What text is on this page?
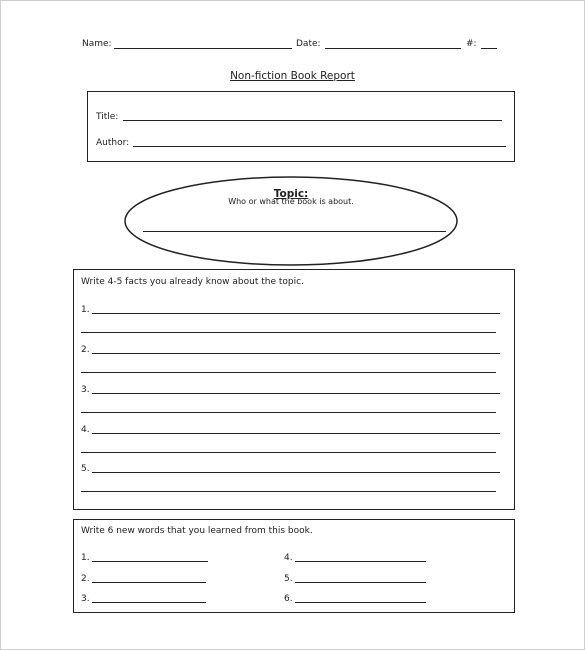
Name:	Date:	#:
Non-fiction Book Report
Title:
Author:
Topic:
Who or what the book is about.
Write 4-5 facts you already know about the topic.
1.
2.
3.
4.
5.
Write 6 new words that you learned from this book.
1.
2.
3.
4.
5.
6.
